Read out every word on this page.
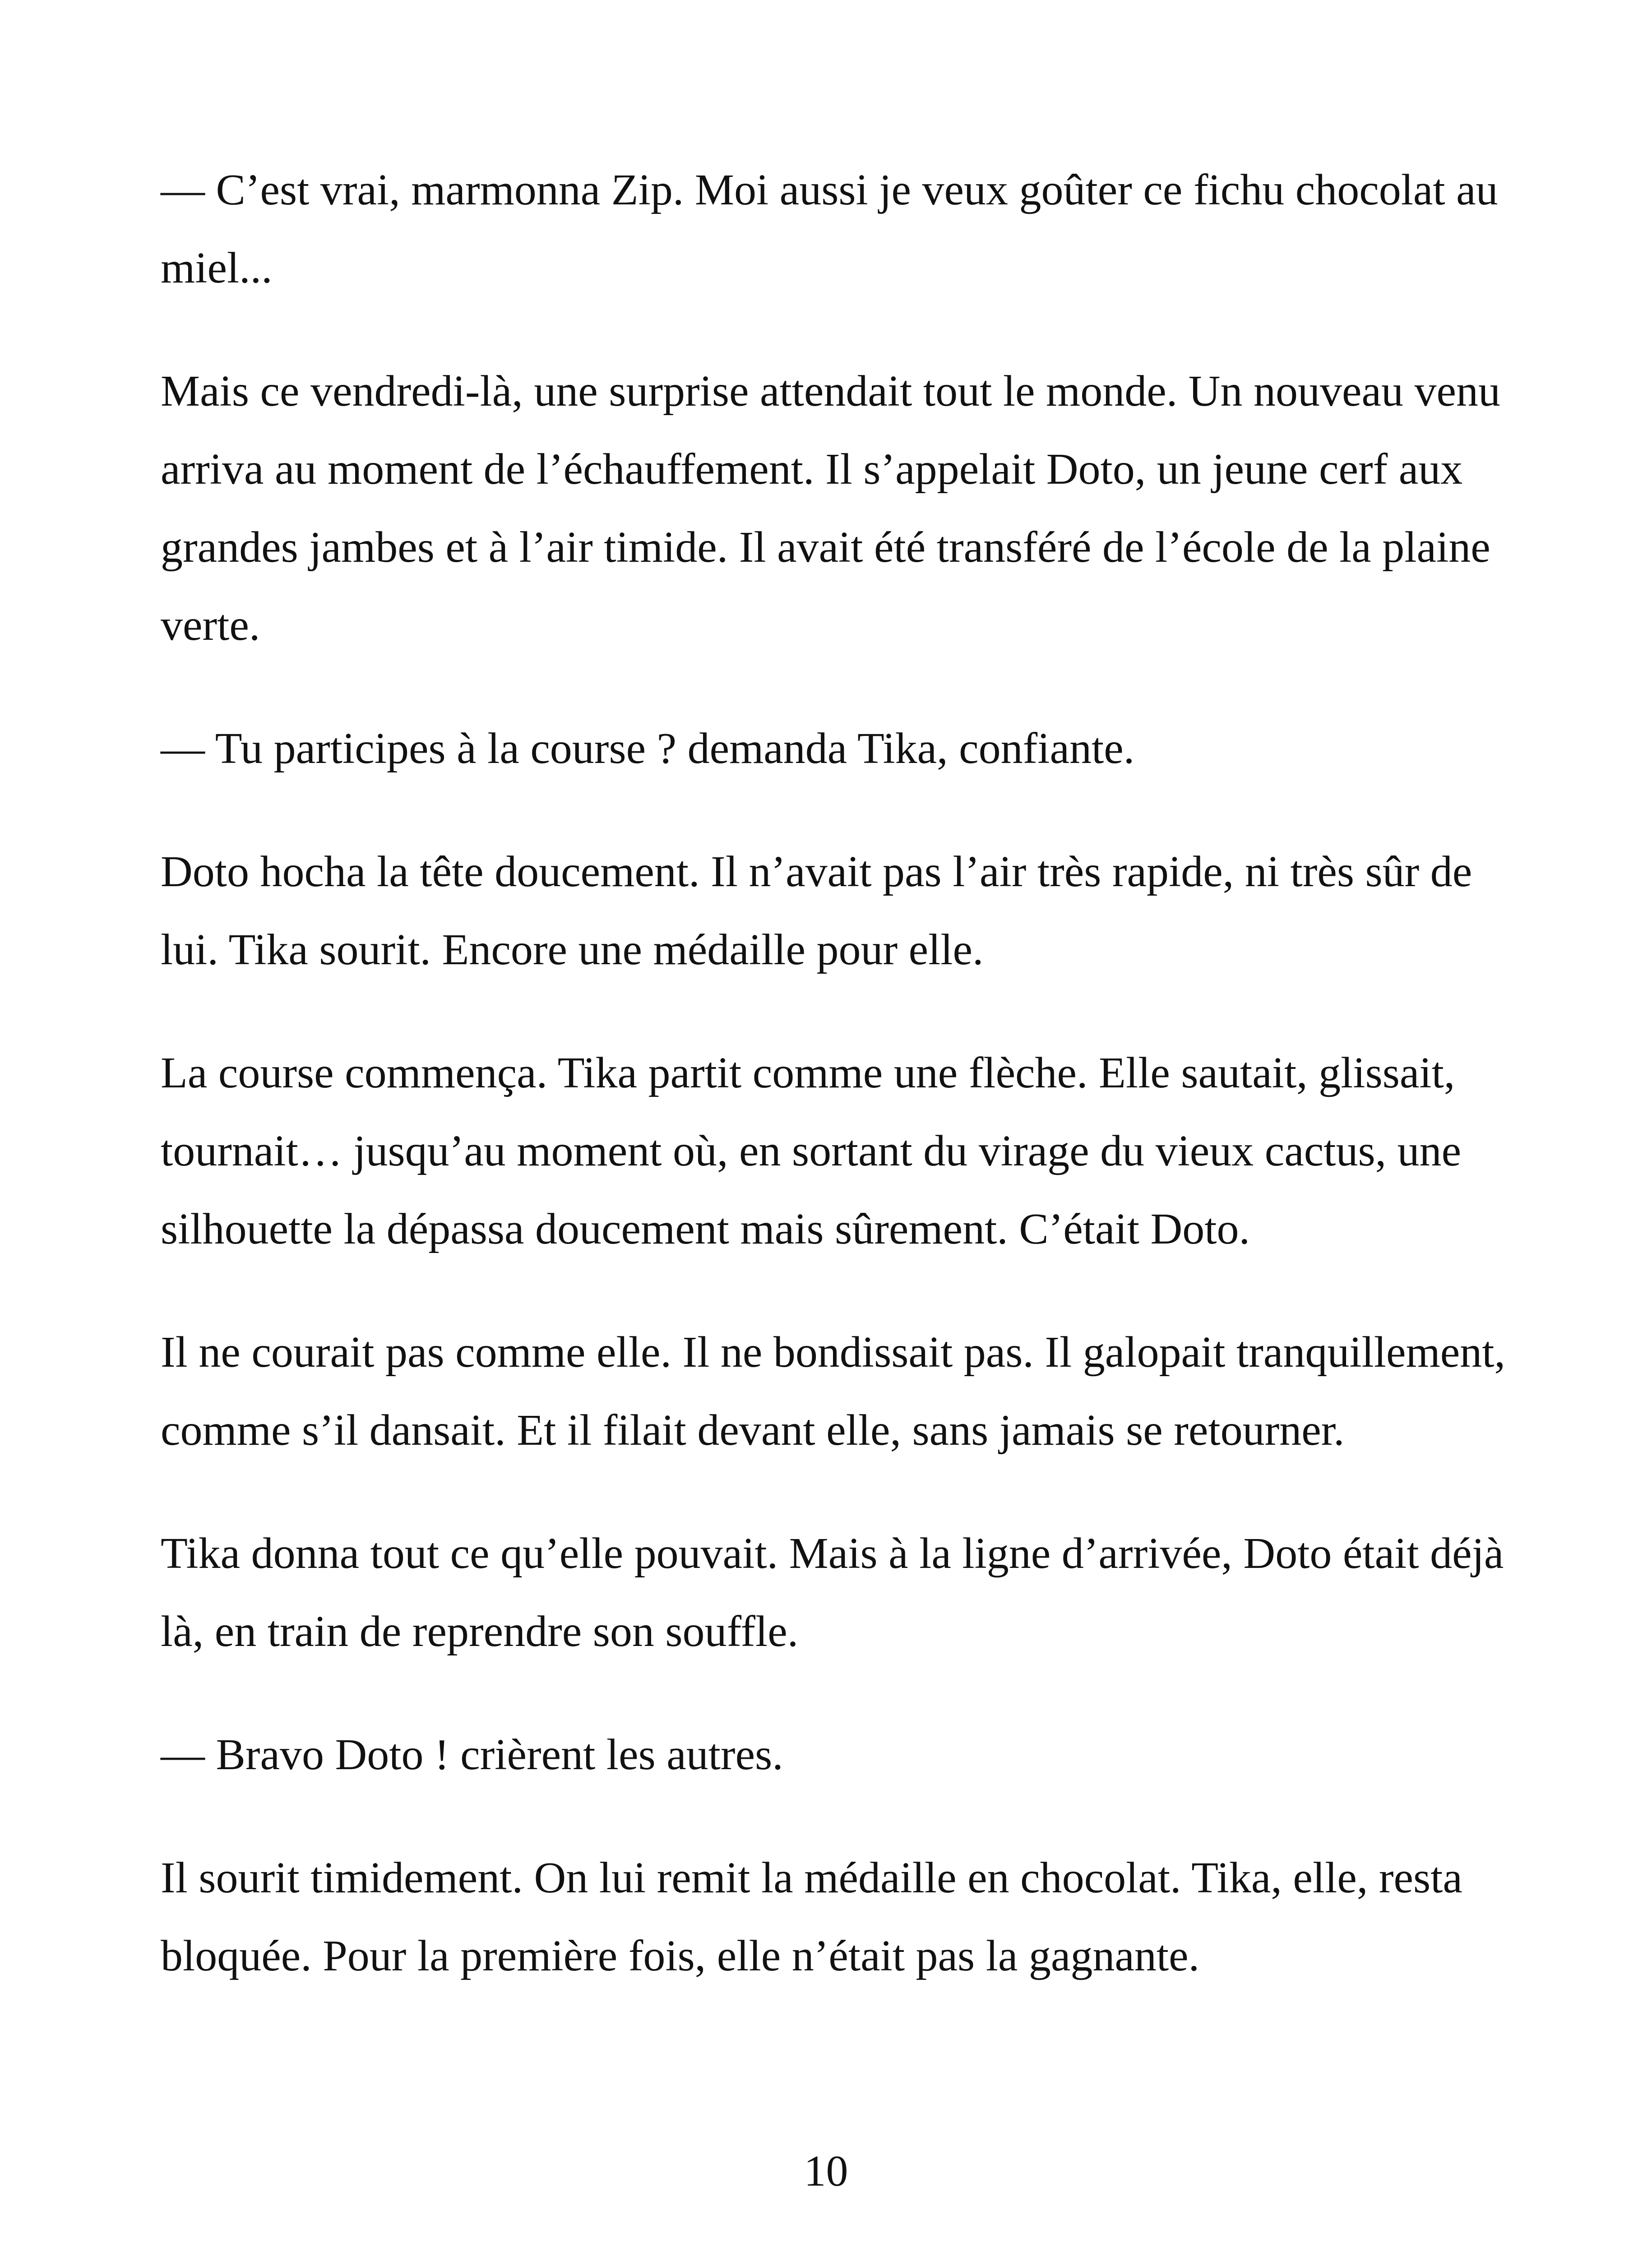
— C’est vrai, marmonna Zip. Moi aussi je veux goûter ce fichu chocolat au miel...

Mais ce vendredi-là, une surprise attendait tout le monde. Un nouveau venu arriva au moment de l’échauffement. Il s’appelait Doto, un jeune cerf aux grandes jambes et à l’air timide. Il avait été transféré de l’école de la plaine verte.

— Tu participes à la course ? demanda Tika, confiante.

Doto hocha la tête doucement. Il n’avait pas l’air très rapide, ni très sûr de lui. Tika sourit. Encore une médaille pour elle.

La course commença. Tika partit comme une flèche. Elle sautait, glissait, tournait… jusqu’au moment où, en sortant du virage du vieux cactus, une silhouette la dépassa doucement mais sûrement. C’était Doto.

Il ne courait pas comme elle. Il ne bondissait pas. Il galopait tranquillement, comme s’il dansait. Et il filait devant elle, sans jamais se retourner.

Tika donna tout ce qu’elle pouvait. Mais à la ligne d’arrivée, Doto était déjà là, en train de reprendre son souffle.

— Bravo Doto ! crièrent les autres.

Il sourit timidement. On lui remit la médaille en chocolat. Tika, elle, resta bloquée. Pour la première fois, elle n’était pas la gagnante.

10
